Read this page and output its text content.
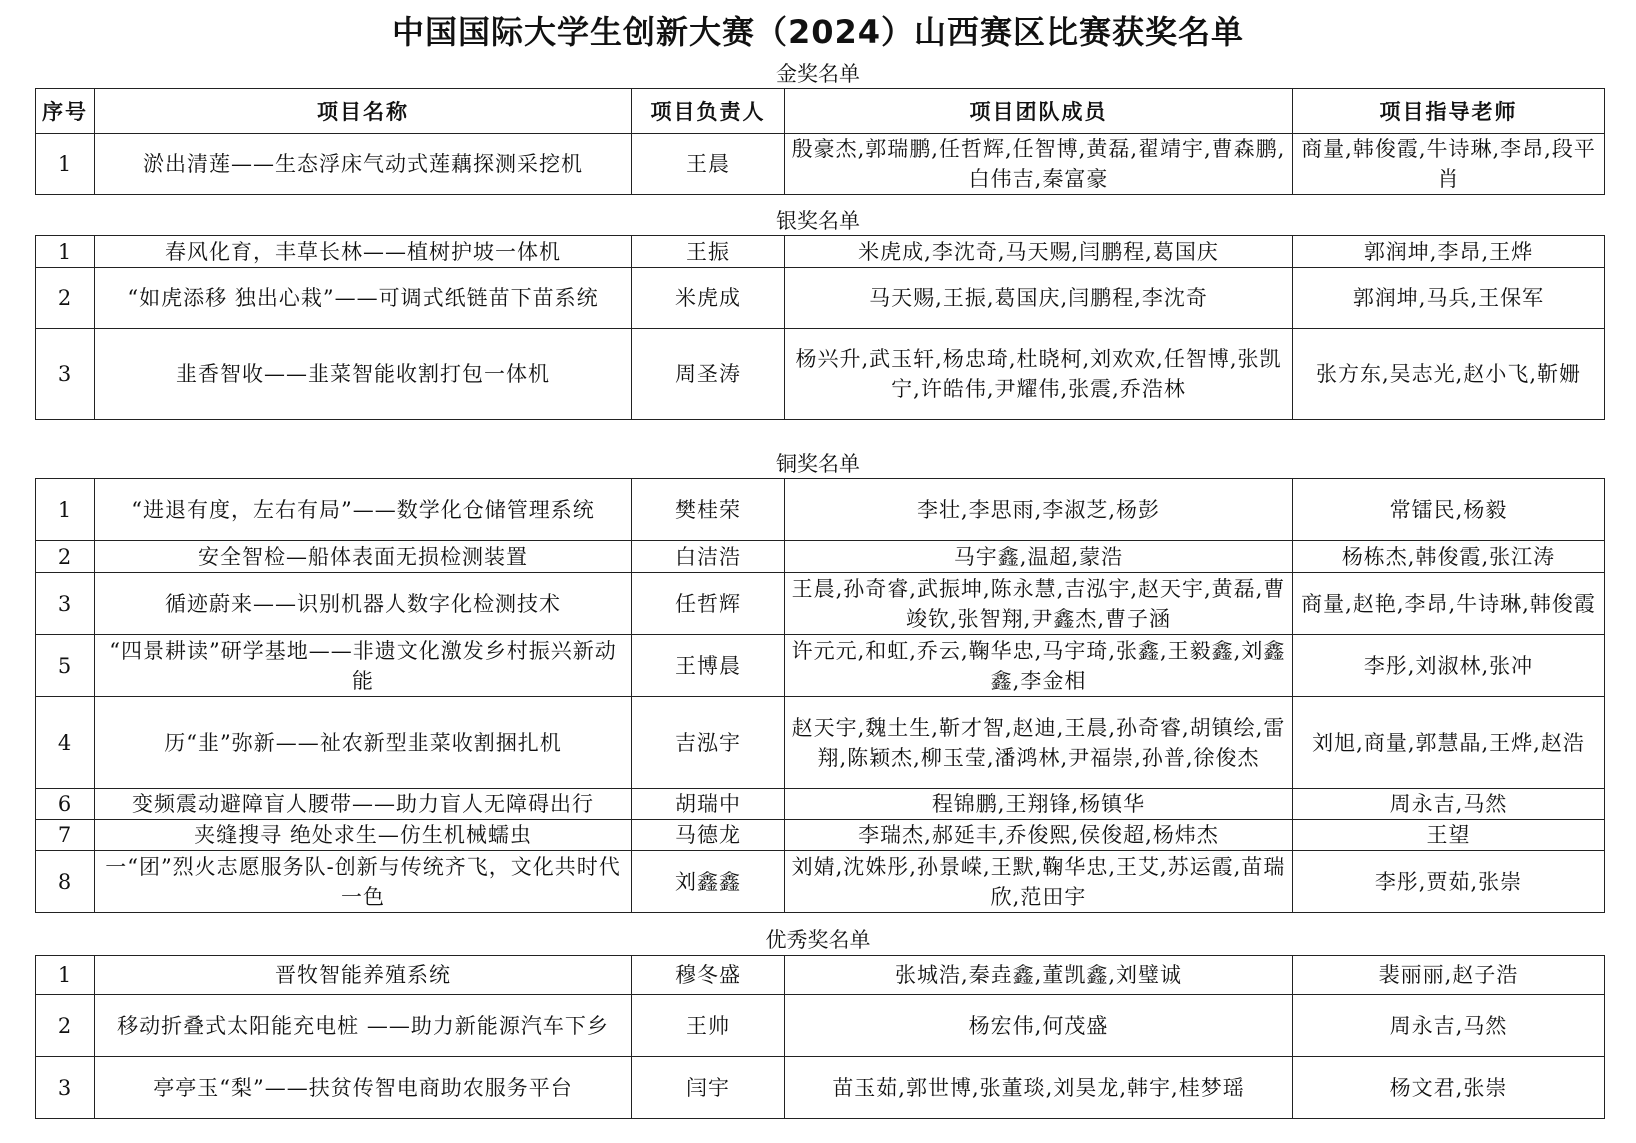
中国国际大学生创新大赛（2024）山西赛区比赛获奖名单
金奖名单
序号	项目名称	项目负责人	项目团队成员	项目指导老师
1	淤出清莲——生态浮床气动式莲藕探测采挖机	王晨	殷豪杰,郭瑞鹏,任哲辉,任智博,黄磊,翟靖宇,曹森鹏,白伟吉,秦富豪	商量,韩俊霞,牛诗琳,李昂,段平肖
银奖名单
1	春风化育，丰草长林——植树护坡一体机	王振	米虎成,李沈奇,马天赐,闫鹏程,葛国庆	郭润坤,李昂,王烨
2	“如虎添移 独出心栽”——可调式纸链苗下苗系统	米虎成	马天赐,王振,葛国庆,闫鹏程,李沈奇	郭润坤,马兵,王保军
3	韭香智收——韭菜智能收割打包一体机	周圣涛	杨兴升,武玉轩,杨忠琦,杜晓柯,刘欢欢,任智博,张凯宁,许皓伟,尹耀伟,张震,乔浩林	张方东,吴志光,赵小飞,靳姗
铜奖名单
1	“进退有度，左右有局”——数学化仓储管理系统	樊桂荣	李壮,李思雨,李淑芝,杨彭	常镭民,杨毅
2	安全智检—船体表面无损检测装置	白洁浩	马宇鑫,温超,蒙浩	杨栋杰,韩俊霞,张江涛
3	循迹蔚来——识别机器人数字化检测技术	任哲辉	王晨,孙奇睿,武振坤,陈永慧,吉泓宇,赵天宇,黄磊,曹竣钦,张智翔,尹鑫杰,曹子涵	商量,赵艳,李昂,牛诗琳,韩俊霞
5	“四景耕读”研学基地——非遗文化激发乡村振兴新动能	王博晨	许元元,和虹,乔云,鞠华忠,马宇琦,张鑫,王毅鑫,刘鑫鑫,李金相	李彤,刘淑林,张冲
4	历“韭”弥新——祉农新型韭菜收割捆扎机	吉泓宇	赵天宇,魏土生,靳才智,赵迪,王晨,孙奇睿,胡镇绘,雷翔,陈颖杰,柳玉莹,潘鸿林,尹福崇,孙普,徐俊杰	刘旭,商量,郭慧晶,王烨,赵浩
6	变频震动避障盲人腰带——助力盲人无障碍出行	胡瑞中	程锦鹏,王翔锋,杨镇华	周永吉,马然
7	夹缝搜寻 绝处求生—仿生机械蠕虫	马德龙	李瑞杰,郝延丰,乔俊熙,侯俊超,杨炜杰	王望
8	一“团”烈火志愿服务队-创新与传统齐飞，文化共时代一色	刘鑫鑫	刘婧,沈姝彤,孙景嵘,王默,鞠华忠,王艾,苏运霞,苗瑞欣,范田宇	李彤,贾茹,张崇
优秀奖名单
1	晋牧智能养殖系统	穆冬盛	张城浩,秦垚鑫,董凯鑫,刘璧诚	裴丽丽,赵子浩
2	移动折叠式太阳能充电桩 ——助力新能源汽车下乡	王帅	杨宏伟,何茂盛	周永吉,马然
3	亭亭玉“梨”——扶贫传智电商助农服务平台	闫宇	苗玉茹,郭世博,张董琰,刘昊龙,韩宇,桂梦瑶	杨文君,张崇
